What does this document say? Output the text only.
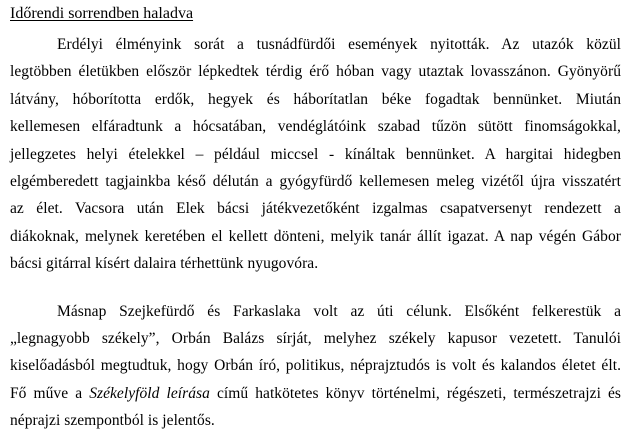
Időrendi sorrendben haladva

Erdélyi élményink sorát a tusnádfürdői események nyitották. Az utazók közül
legtöbben életükben először lépkedtek térdig érő hóban vagy utaztak lovasszánon. Gyönyörű
látvány, hóborította erdők, hegyek és háborítatlan béke fogadtak bennünket. Miután
kellemesen elfáradtunk a hócsatában, vendéglátóink szabad tűzön sütött finomságokkal,
jellegzetes helyi ételekkel – például miccsel - kínáltak bennünket. A hargitai hidegben
elgémberedett tagjainkba késő délután a gyógyfürdő kellemesen meleg vizétől újra visszatért
az élet. Vacsora után Elek bácsi játékvezetőként izgalmas csapatversenyt rendezett a
diákoknak, melynek keretében el kellett dönteni, melyik tanár állít igazat. A nap végén Gábor
bácsi gitárral kísért dalaira térhettünk nyugovóra.

Másnap Szejkefürdő és Farkaslaka volt az úti célunk. Elsőként felkerestük a
„legnagyobb székely”, Orbán Balázs sírját, melyhez székely kapusor vezetett. Tanulói
kiselőadásból megtudtuk, hogy Orbán író, politikus, néprajztudós is volt és kalandos életet élt.
Fő műve a Székelyföld leírása című hatkötetes könyv történelmi, régészeti, természetrajzi és
néprajzi szempontból is jelentős.
